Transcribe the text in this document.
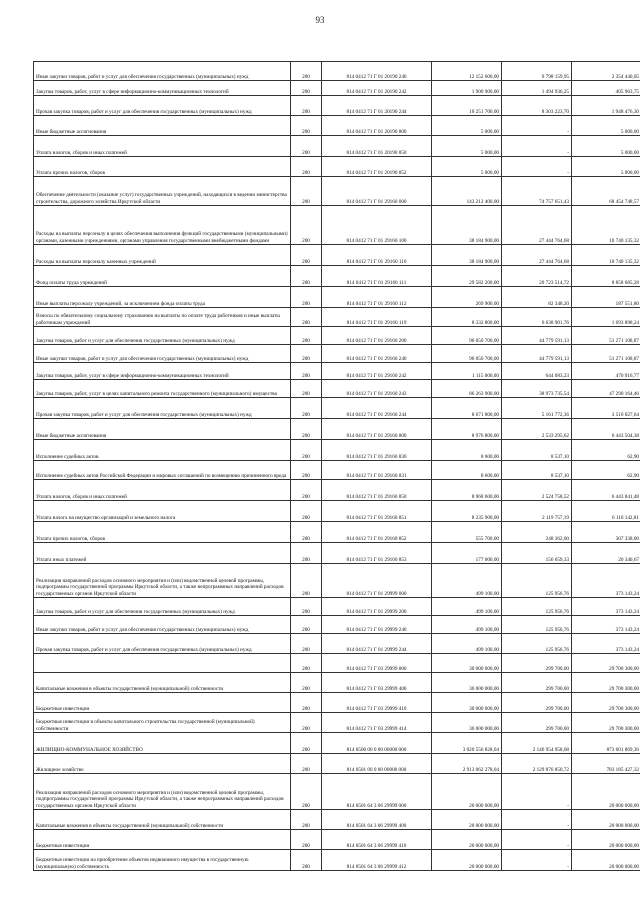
93
Иные закупки товаров, работ и услуг для обеспечения государственных (муниципальных) нужд	200	814 0412 71 Г 01 20190 240	12 152 600,00	9 798 159,95	2 354 440,05
Закупка товаров, работ, услуг в сфере информационно-коммуникационных технологий	200	814 0412 71 Г 01 20190 242	1 900 900,00	1 494 936,25	405 963,75
Прочая закупка товаров, работ и услуг для обеспечения государственных (муниципальных) нужд	200	814 0412 71 Г 01 20190 244	10 251 700,00	8 303 223,70	1 948 476,30
Иные бюджетные ассигнования	200	814 0412 71 Г 01 20190 800	5 000,00	-	5 000,00
Уплата налогов, сборов и иных платежей	200	814 0412 71 Г 01 20190 850	5 000,00	-	5 000,00
Уплата прочих налогов, сборов	200	814 0412 71 Г 01 20190 852	5 000,00	-	5 000,00
Обеспечение деятельности (оказание услуг) государственных учреждений, находящихся в ведении министерства строительства, дорожного хозяйства Иркутской области	200	814 0412 71 Г 01 29160 000	143 212 400,00	74 757 651,43	68 454 748,57
Расходы на выплаты персоналу в целях обеспечения выполнения функций государственными (муниципальными) органами, казенными учреждениями, органами управления государственными внебюджетными фондами	200	814 0412 71 Г 01 29160 100	38 184 900,00	27 444 764,68	10 740 135,32
Расходы на выплаты персоналу казенных учреждений	200	814 0412 71 Г 01 29160 110	38 184 900,00	27 444 764,68	10 740 135,32
Фонд оплаты труда учреждений	200	814 0412 71 Г 01 29160 111	29 582 200,00	20 723 514,72	8 858 685,28
Иные выплаты персоналу учреждений, за исключением фонда оплаты труда	200	814 0412 71 Г 01 29160 112	269 900,00	82 348,20	187 551,80
Взносы по обязательному социальному страхованию на выплаты по оплате труда работников и иные выплаты работникам учреждений	200	814 0412 71 Г 01 29160 119	8 332 800,00	6 638 901,76	1 693 898,24
Закупка товаров, работ и услуг для обеспечения государственных (муниципальных) нужд	200	814 0412 71 Г 01 29160 200	96 050 700,00	44 779 591,13	51 271 108,87
Иные закупки товаров, работ и услуг для обеспечения государственных (муниципальных) нужд	200	814 0412 71 Г 01 29160 240	96 050 700,00	44 779 591,13	51 271 108,87
Закупка товаров, работ, услуг в сфере информационно-коммуникационных технологий	200	814 0412 71 Г 01 29160 242	1 115 000,00	644 083,23	470 916,77
Закупка товаров, работ, услуг в целях капитального ремонта государственного (муниципального) имущества	200	814 0412 71 Г 01 29160 243	86 263 900,00	38 973 735,54	47 290 164,46
Прочая закупка товаров, работ и услуг для обеспечения государственных (муниципальных) нужд	200	814 0412 71 Г 01 29160 244	8 671 800,00	5 161 772,36	3 510 027,64
Иные бюджетные ассигнования	200	814 0412 71 Г 01 29160 800	8 976 800,00	2 533 295,62	6 443 504,38
Исполнение судебных актов	200	814 0412 71 Г 01 29160 830	8 600,00	8 537,10	62,90
Исполнение судебных актов Российской Федерации и мировых соглашений по возмещению причиненного вреда	200	814 0412 71 Г 01 29160 831	8 600,00	8 537,10	62,90
Уплата налогов, сборов и иных платежей	200	814 0412 71 Г 01 29160 850	8 968 600,00	2 524 758,52	6 443 841,48
Уплата налога на имущество организаций и земельного налога	200	814 0412 71 Г 01 29160 851	8 235 900,00	2 119 757,19	6 116 142,81
Уплата прочих налогов, сборов	200	814 0412 71 Г 01 29160 852	555 700,00	248 362,00	307 338,00
Уплата иных платежей	200	814 0412 71 Г 01 29160 853	177 000,00	156 659,33	20 340,67
Реализация направлений расходов основного мероприятия и (или) ведомственной целевой программы, подпрограммы государственной программы Иркутской области, а также непрограммных направлений расходов государственных органов Иркутской области	200	814 0412 71 Г 01 29999 000	499 100,00	125 956,76	373 143,24
Закупка товаров, работ и услуг для обеспечения государственных (муниципальных) нужд	200	814 0412 71 Г 01 29999 200	499 100,00	125 956,76	373 143,24
Иные закупки товаров, работ и услуг для обеспечения государственных (муниципальных) нужд	200	814 0412 71 Г 01 29999 240	499 100,00	125 956,76	373 143,24
Прочая закупка товаров, работ и услуг для обеспечения государственных (муниципальных) нужд	200	814 0412 71 Г 01 29999 244	499 100,00	125 956,76	373 143,24
	200	814 0412 71 Г 03 29999 000	30 000 000,00	299 700,00	29 700 300,00
Капитальные вложения в объекты государственной (муниципальной) собственности	200	814 0412 71 Г 03 29999 400	30 000 000,00	299 700,00	29 700 300,00
Бюджетные инвестиции	200	814 0412 71 Г 03 29999 410	30 000 000,00	299 700,00	29 700 300,00
Бюджетные инвестиции в объекты капитального строительства государственной (муниципальной) собственности	200	814 0412 71 Г 03 29999 414	30 000 000,00	299 700,00	29 700 300,00
ЖИЛИЩНО-КОММУНАЛЬНОЕ ХОЗЯЙСТВО	200	814 0500 00 0 00 00000 000	3 020 556 828,04	2 146 954 958,68	873 601 869,36
Жилищное хозяйство	200	814 0501 00 0 00 00000 000	2 913 062 278,04	2 129 876 850,72	783 185 427,32
Реализация направлений расходов основного мероприятия и (или) ведомственной целевой программы, подпрограммы государственной программы Иркутской области, а также непрограммных направлений расходов государственных органов Иркутской области	200	814 0501 64 3 06 29999 000	20 000 000,00	-	20 000 000,00
Капитальные вложения в объекты государственной (муниципальной) собственности	200	814 0501 64 3 06 29999 400	20 000 000,00	-	20 000 000,00
Бюджетные инвестиции	200	814 0501 64 3 06 29999 410	20 000 000,00	-	20 000 000,00
Бюджетные инвестиции на приобретение объектов недвижимого имущества в государственную (муниципальную) собственность	200	814 0501 64 3 06 29999 412	20 000 000,00	-	20 000 000,00
